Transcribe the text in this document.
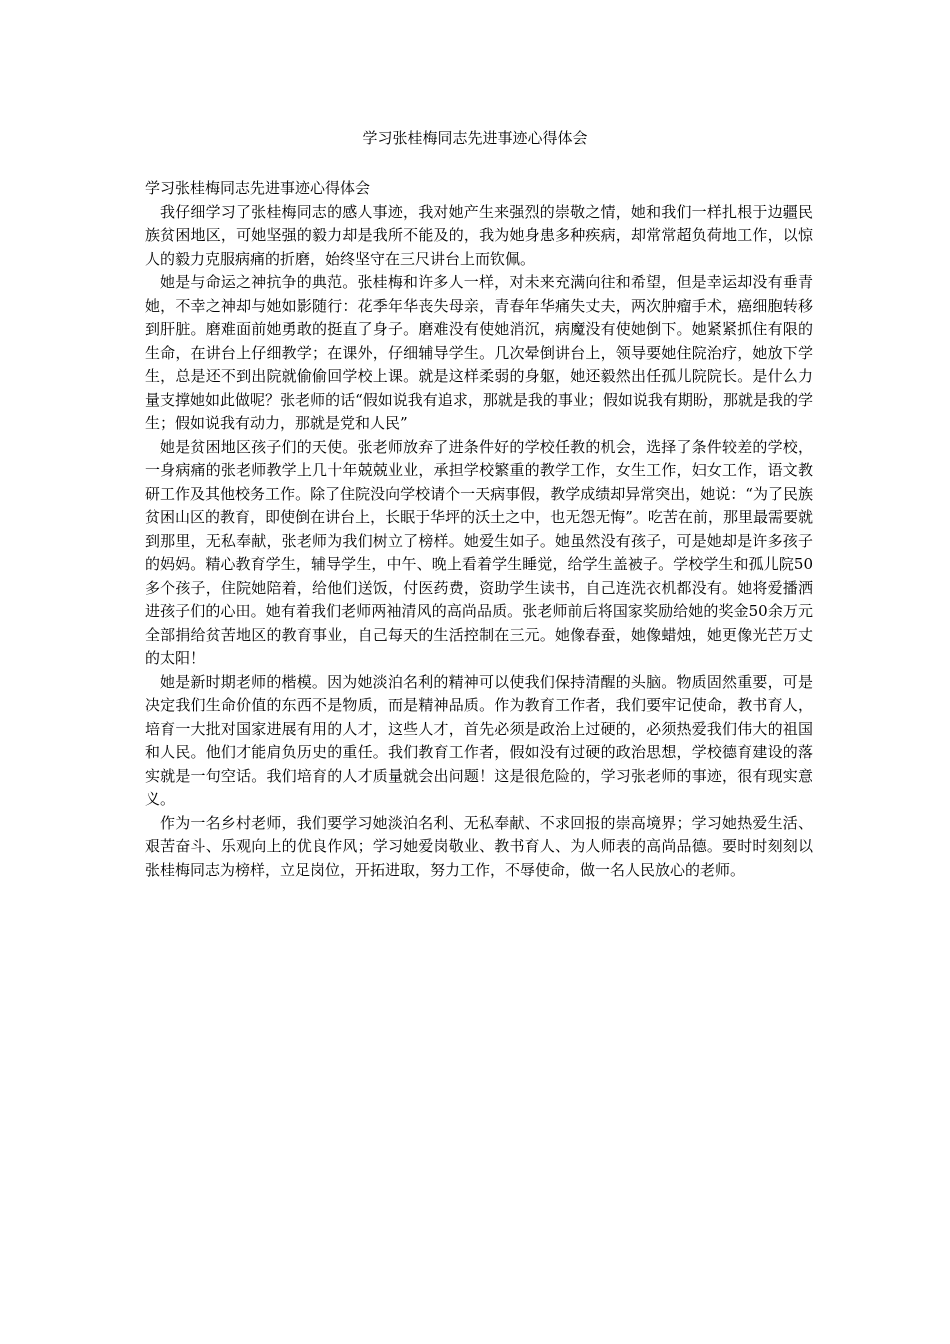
学习张桂梅同志先进事迹心得体会

学习张桂梅同志先进事迹心得体会

我仔细学习了张桂梅同志的感人事迹，我对她产生来强烈的崇敬之情，她和我们一样扎根于边疆民族贫困地区，可她坚强的毅力却是我所不能及的，我为她身患多种疾病，却常常超负荷地工作，以惊人的毅力克服病痛的折磨，始终坚守在三尺讲台上而钦佩。

她是与命运之神抗争的典范。张桂梅和许多人一样，对未来充满向往和希望，但是幸运却没有垂青她，不幸之神却与她如影随行：花季年华丧失母亲，青春年华痛失丈夫，两次肿瘤手术，癌细胞转移到肝脏。磨难面前她勇敢的挺直了身子。磨难没有使她消沉，病魔没有使她倒下。她紧紧抓住有限的生命，在讲台上仔细教学；在课外，仔细辅导学生。几次晕倒讲台上，领导要她住院治疗，她放下学生，总是还不到出院就偷偷回学校上课。就是这样柔弱的身躯，她还毅然出任孤儿院院长。是什么力量支撑她如此做呢？张老师的话“假如说我有追求，那就是我的事业；假如说我有期盼，那就是我的学生；假如说我有动力，那就是党和人民”

她是贫困地区孩子们的天使。张老师放弃了进条件好的学校任教的机会，选择了条件较差的学校，一身病痛的张老师教学上几十年兢兢业业，承担学校繁重的教学工作，女生工作，妇女工作，语文教研工作及其他校务工作。除了住院没向学校请个一天病事假，教学成绩却异常突出，她说：“为了民族贫困山区的教育，即使倒在讲台上，长眠于华坪的沃土之中，也无怨无悔”。吃苦在前，那里最需要就到那里，无私奉献，张老师为我们树立了榜样。她爱生如子。她虽然没有孩子，可是她却是许多孩子的妈妈。精心教育学生，辅导学生，中午、晚上看着学生睡觉，给学生盖被子。学校学生和孤儿院50多个孩子，住院她陪着，给他们送饭，付医药费，资助学生读书，自己连洗衣机都没有。她将爱播洒进孩子们的心田。她有着我们老师两袖清风的高尚品质。张老师前后将国家奖励给她的奖金50余万元全部捐给贫苦地区的教育事业，自己每天的生活控制在三元。她像春蚕，她像蜡烛，她更像光芒万丈的太阳！

她是新时期老师的楷模。因为她淡泊名利的精神可以使我们保持清醒的头脑。物质固然重要，可是决定我们生命价值的东西不是物质，而是精神品质。作为教育工作者，我们要牢记使命，教书育人，培育一大批对国家进展有用的人才，这些人才，首先必须是政治上过硬的，必须热爱我们伟大的祖国和人民。他们才能肩负历史的重任。我们教育工作者，假如没有过硬的政治思想，学校德育建设的落实就是一句空话。我们培育的人才质量就会出问题！这是很危险的，学习张老师的事迹，很有现实意义。

作为一名乡村老师，我们要学习她淡泊名利、无私奉献、不求回报的崇高境界；学习她热爱生活、艰苦奋斗、乐观向上的优良作风；学习她爱岗敬业、教书育人、为人师表的高尚品德。要时时刻刻以张桂梅同志为榜样，立足岗位，开拓进取，努力工作，不辱使命，做一名人民放心的老师。
